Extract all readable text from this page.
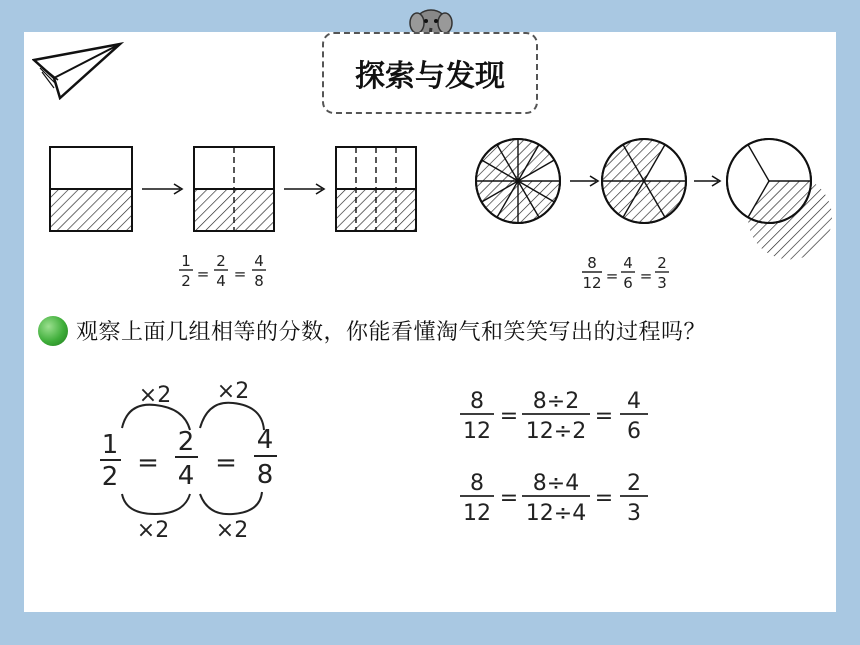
探索与发现
1
2 =
2
4 =
4
8
8
12 =
4
6 =
2
3
×2 ×2
1
2 =
2
4 =
4
8
×2 ×2
8
12
=
8÷2
12÷2
=
4
6
8
12
=
8÷4
12÷4
=
2
3
观察上面几组相等的分数，你能看懂淘气和笑笑写出的过程吗？
